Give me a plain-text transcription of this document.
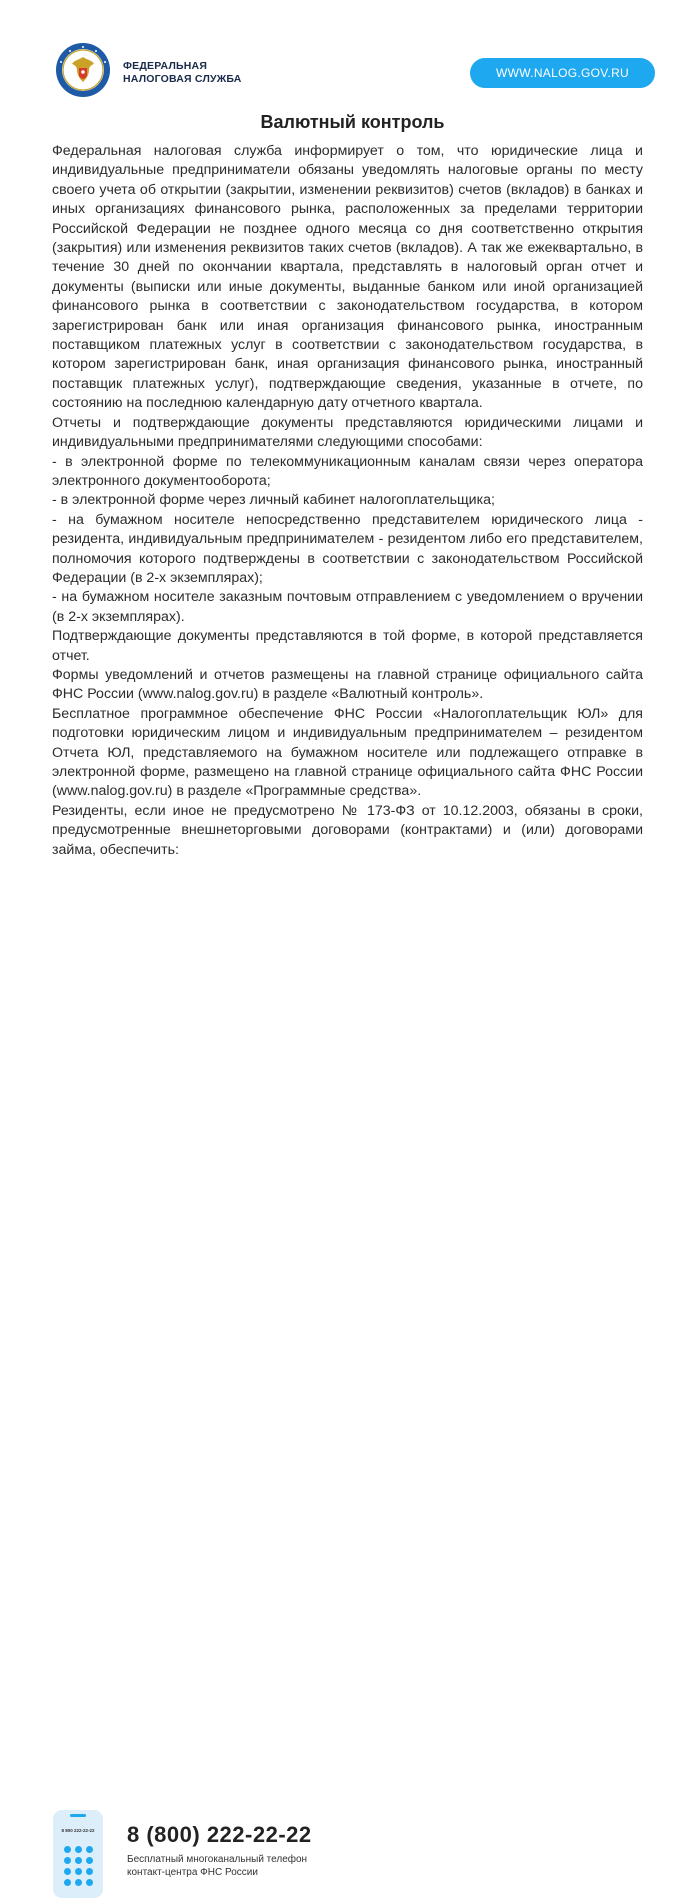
ФЕДЕРАЛЬНАЯ
НАЛОГОВАЯ СЛУЖБА	WWW.NALOG.GOV.RU
Валютный контроль

Федеральная налоговая служба информирует о том, что юридические лица и индивидуальные предприниматели обязаны уведомлять налоговые органы по месту своего учета об открытии (закрытии, изменении реквизитов) счетов (вкладов) в банках и иных организациях финансового рынка, расположенных за пределами территории Российской Федерации не позднее одного месяца со дня соответственно открытия (закрытия) или изменения реквизитов таких счетов (вкладов). А так же ежеквартально, в течение 30 дней по окончании квартала, представлять в налоговый орган отчет и документы (выписки или иные документы, выданные банком или иной организацией финансового рынка в соответствии с законодательством государства, в котором зарегистрирован банк или иная организация финансового рынка, иностранным поставщиком платежных услуг в соответствии с законодательством государства, в котором зарегистрирован банк, иная организация финансового рынка, иностранный поставщик платежных услуг), подтверждающие сведения, указанные в отчете, по состоянию на последнюю календарную дату отчетного квартала.

Отчеты и подтверждающие документы представляются юридическими лицами и индивидуальными предпринимателями следующими способами:

- в электронной форме по телекоммуникационным каналам связи через оператора электронного документооборота;

- в электронной форме через личный кабинет налогоплательщика;

- на бумажном носителе непосредственно представителем юридического лица - резидента, индивидуальным предпринимателем - резидентом либо его представителем, полномочия которого подтверждены в соответствии с законодательством Российской Федерации (в 2-х экземплярах);

- на бумажном носителе заказным почтовым отправлением с уведомлением о вручении (в 2-х экземплярах).

Подтверждающие документы представляются в той форме, в которой представляется отчет.

Формы уведомлений и отчетов размещены на главной странице официального сайта ФНС России (www.nalog.gov.ru) в разделе «Валютный контроль».

Бесплатное программное обеспечение ФНС России «Налогоплательщик ЮЛ» для подготовки юридическим лицом и индивидуальным предпринимателем – резидентом Отчета ЮЛ, представляемого на бумажном носителе или подлежащего отправке в электронной форме, размещено на главной странице официального сайта ФНС России (www.nalog.gov.ru) в разделе «Программные средства».

Резиденты, если иное не предусмотрено № 173-ФЗ от 10.12.2003, обязаны в сроки, предусмотренные внешнеторговыми договорами (контрактами) и (или) договорами займа, обеспечить:

8 800 222-22-22	8 (800) 222-22-22
Бесплатный многоканальный телефон
контакт-центра ФНС России
